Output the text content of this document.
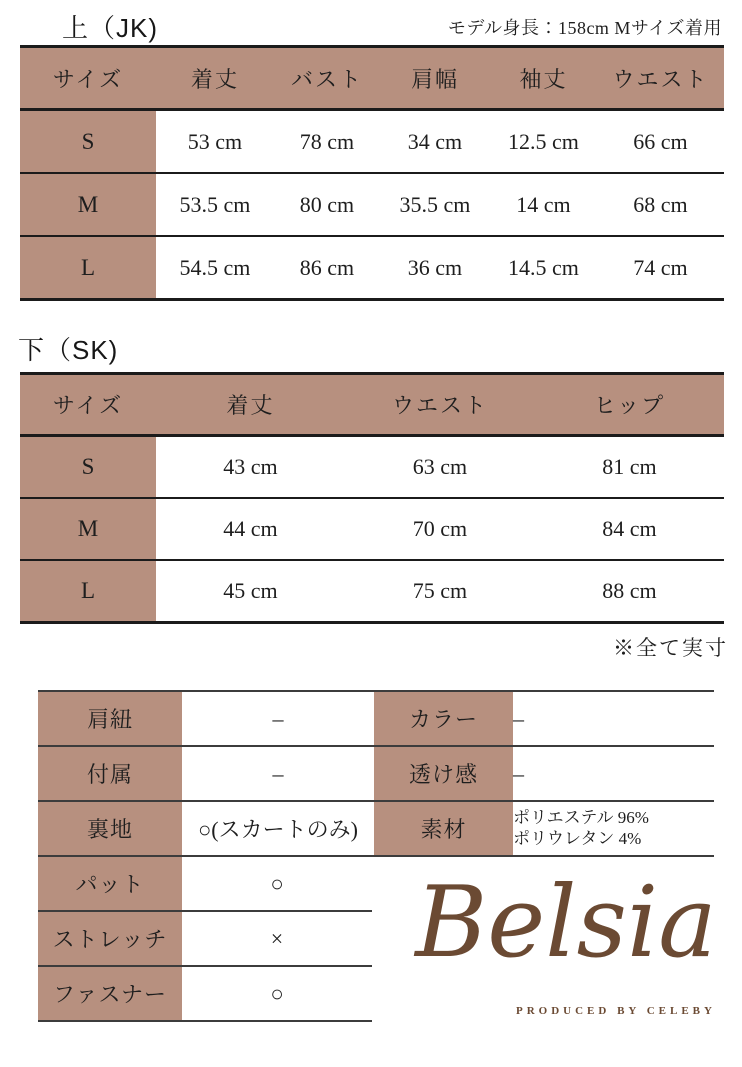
上（JK)	モデル身長：158cm Mサイズ着用
サイズ	着丈	バスト	肩幅	袖丈	ウエスト
S	53 cm	78 cm	34 cm	12.5 cm	66 cm
M	53.5 cm	80 cm	35.5 cm	14 cm	68 cm
L	54.5 cm	86 cm	36 cm	14.5 cm	74 cm
下（SK)
サイズ	着丈	ウエスト	ヒップ
S	43 cm	63 cm	81 cm
M	44 cm	70 cm	84 cm
L	45 cm	75 cm	88 cm
※全て実寸
肩紐	–	カラー	–
付属	–	透け感	–
裏地	○(スカートのみ)	素材	ポリエステル 96%
ポリウレタン 4%
パット	○
ストレッチ	×
ファスナー	○
Belsia
PRODUCED BY CELEBY
